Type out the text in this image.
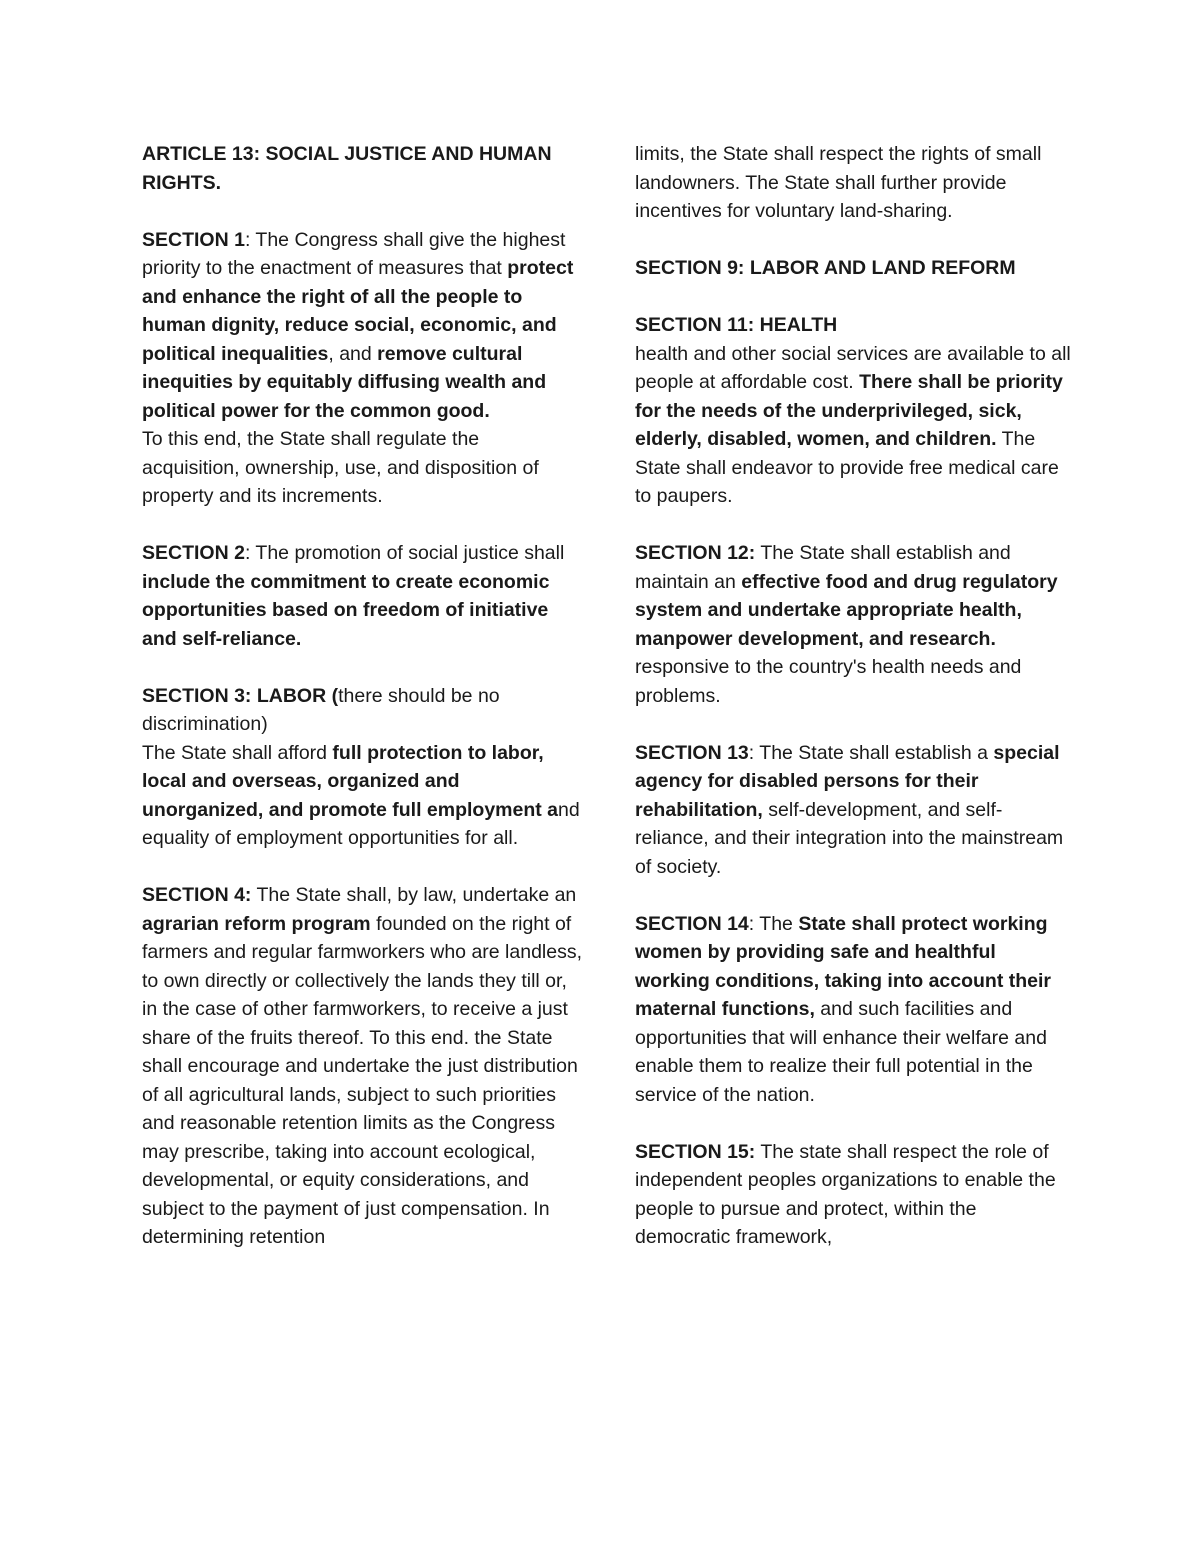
ARTICLE 13: SOCIAL JUSTICE AND HUMAN RIGHTS.

SECTION 1: The Congress shall give the highest priority to the enactment of measures that protect and enhance the right of all the people to human dignity, reduce social, economic, and political inequalities, and remove cultural inequities by equitably diffusing wealth and political power for the common good.

To this end, the State shall regulate the acquisition, ownership, use, and disposition of property and its increments.

SECTION 2: The promotion of social justice shall include the commitment to create economic opportunities based on freedom of initiative and self-reliance.

SECTION 3: LABOR (there should be no discrimination)

The State shall afford full protection to labor, local and overseas, organized and unorganized, and promote full employment and equality of employment opportunities for all.

SECTION 4: The State shall, by law, undertake an agrarian reform program founded on the right of farmers and regular farmworkers who are landless, to own directly or collectively the lands they till or, in the case of other farmworkers, to receive a just share of the fruits thereof. To this end. the State shall encourage and undertake the just distribution of all agricultural lands, subject to such priorities and reasonable retention limits as the Congress may prescribe, taking into account ecological, developmental, or equity considerations, and subject to the payment of just compensation. In determining retention

limits, the State shall respect the rights of small landowners. The State shall further provide incentives for voluntary land-sharing.

SECTION 9: LABOR AND LAND REFORM

SECTION 11: HEALTH

health and other social services are available to all people at affordable cost. There shall be priority for the needs of the underprivileged, sick, elderly, disabled, women, and children. The State shall endeavor to provide free medical care to paupers.

SECTION 12: The State shall establish and maintain an effective food and drug regulatory system and undertake appropriate health, manpower development, and research. responsive to the country's health needs and problems.

SECTION 13: The State shall establish a special agency for disabled persons for their rehabilitation, self-development, and self-reliance, and their integration into the mainstream of society.

SECTION 14: The State shall protect working women by providing safe and healthful working conditions, taking into account their maternal functions, and such facilities and opportunities that will enhance their welfare and enable them to realize their full potential in the service of the nation.

SECTION 15: The state shall respect the role of independent peoples organizations to enable the people to pursue and protect, within the democratic framework,
